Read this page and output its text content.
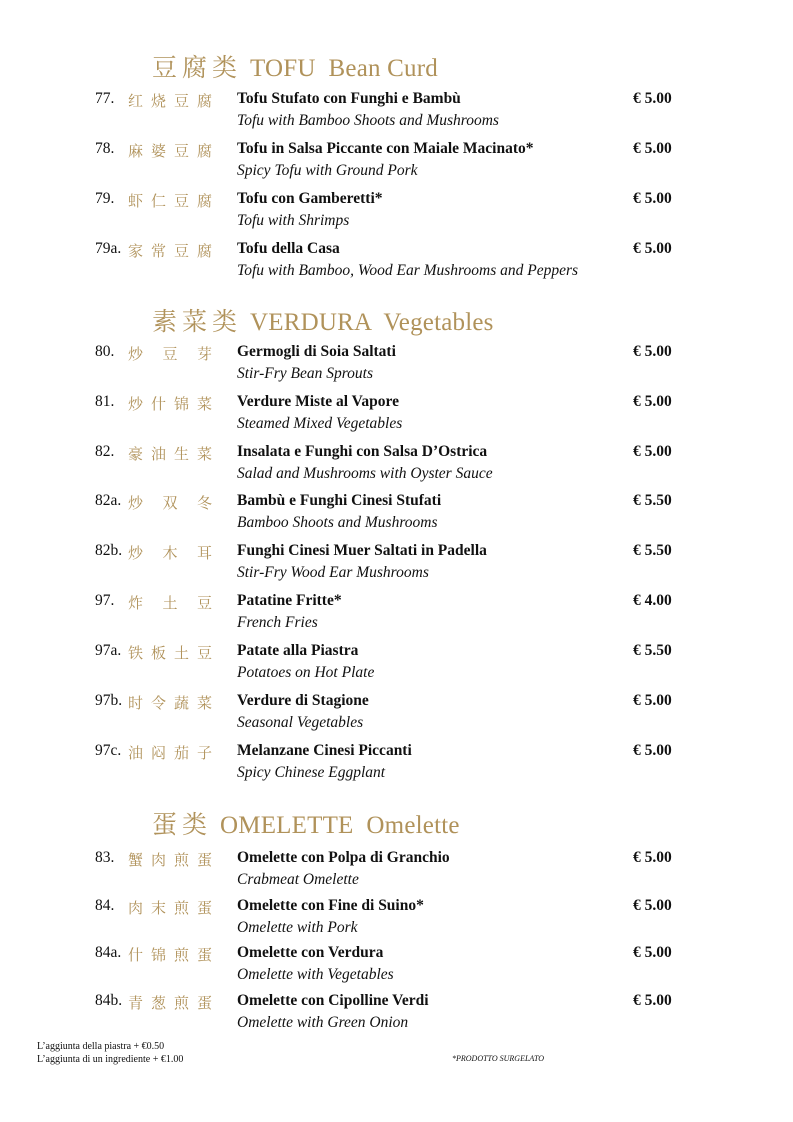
豆腐类 TOFU  Bean Curd
77. 红烧豆腐 Tofu Stufato con Funghi e Bambù
Tofu with Bamboo Shoots and Mushrooms
€ 5.00
78. 麻婆豆腐 Tofu in Salsa Piccante con Maiale Macinato*
Spicy Tofu with Ground Pork
€ 5.00
79. 虾仁豆腐 Tofu con Gamberetti*
Tofu with Shrimps
€ 5.00
79a. 家常豆腐 Tofu della Casa
Tofu with Bamboo, Wood Ear Mushrooms and Peppers
€ 5.00
素菜类 VERDURA  Vegetables
80. 炒豆芽 Germogli di Soia Saltati
Stir-Fry Bean Sprouts
€ 5.00
81. 炒什锦菜 Verdure Miste al Vapore
Steamed Mixed Vegetables
€ 5.00
82. 豪油生菜 Insalata e Funghi con Salsa D’Ostrica
Salad and Mushrooms with Oyster Sauce
€ 5.00
82a. 炒双冬 Bambù e Funghi Cinesi Stufati
Bamboo Shoots and Mushrooms
€ 5.50
82b. 炒木耳 Funghi Cinesi Muer Saltati in Padella
Stir-Fry Wood Ear Mushrooms
€ 5.50
97. 炸土豆 Patatine Fritte*
French Fries
€ 4.00
97a. 铁板土豆 Patate alla Piastra
Potatoes on Hot Plate
€ 5.50
97b. 时令蔬菜 Verdure di Stagione
Seasonal Vegetables
€ 5.00
97c. 油闷茄子 Melanzane Cinesi Piccanti
Spicy Chinese Eggplant
€ 5.00
蛋类 OMELETTE  Omelette
83. 蟹肉煎蛋 Omelette con Polpa di Granchio
Crabmeat Omelette
€ 5.00
84. 肉末煎蛋 Omelette con Fine di Suino*
Omelette with Pork
€ 5.00
84a. 什锦煎蛋 Omelette con Verdura
Omelette with Vegetables
€ 5.00
84b. 青葱煎蛋 Omelette con Cipolline Verdi
Omelette with Green Onion
€ 5.00
L’aggiunta della piastra + €0.50
L’aggiunta di un ingrediente + €1.00	*PRODOTTO SURGELATO
